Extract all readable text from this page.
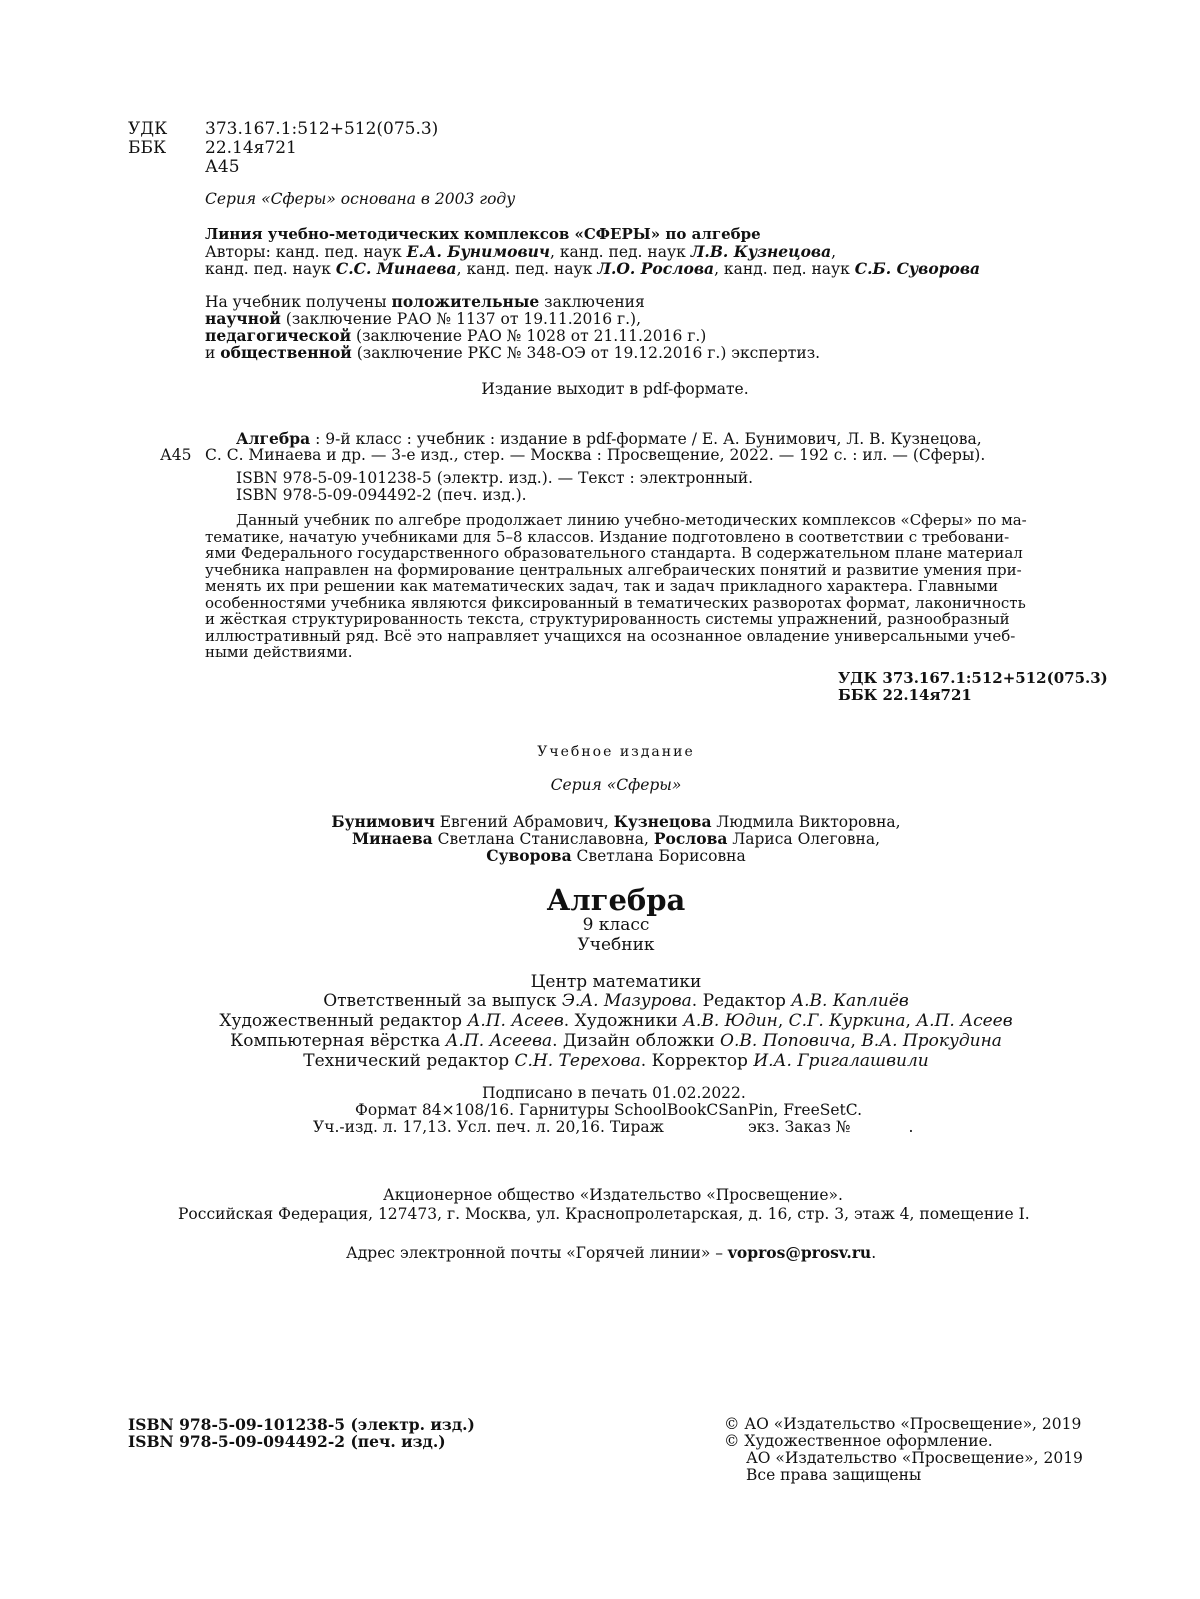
УДК	373.167.1:512+512(075.3)
ББК	22.14я721
А45
Серия «Сферы» основана в 2003 году
Линия учебно-методических комплексов «СФЕРЫ» по алгебре
Авторы: канд. пед. наук Е.А. Бунимович, канд. пед. наук Л.В. Кузнецова,
канд. пед. наук С.С. Минаева, канд. пед. наук Л.О. Рослова, канд. пед. наук С.Б. Суворова
На учебник получены положительные заключения
научной (заключение РАО № 1137 от 19.11.2016 г.),
педагогической (заключение РАО № 1028 от 21.11.2016 г.)
и общественной (заключение РКС № 348-ОЭ от 19.12.2016 г.) экспертиз.
Издание выходит в pdf-формате.
Алгебра : 9-й класс : учебник : издание в pdf-формате / Е. А. Бунимович, Л. В. Кузнецова,
А45 С. С. Минаева и др. — 3-е изд., стер. — Москва : Просвещение, 2022. — 192 с. : ил. — (Сферы).
ISBN 978-5-09-101238-5 (электр. изд.). — Текст : электронный.
ISBN 978-5-09-094492-2 (печ. изд.).

Данный учебник по алгебре продолжает линию учебно-методических комплексов «Сферы» по ма-

тематике, начатую учебниками для 5–8 классов. Издание подготовлено в соответствии с требовани-

ями Федерального государственного образовательного стандарта. В содержательном плане материал

учебника направлен на формирование центральных алгебраических понятий и развитие умения при-

менять их при решении как математических задач, так и задач прикладного характера. Главными

особенностями учебника являются фиксированный в тематических разворотах формат, лаконичность

и жёсткая структурированность текста, структурированность системы упражнений, разнообразный

иллюстративный ряд. Всё это направляет учащихся на осознанное овладение универсальными учеб-

ными действиями.

УДК 373.167.1:512+512(075.3)
ББК 22.14я721
Учебное издание
Серия «Сферы»
Бунимович Евгений Абрамович, Кузнецова Людмила Викторовна,
Минаева Светлана Станиславовна, Рослова Лариса Олеговна,
Суворова Светлана Борисовна
Алгебра
9 класс
Учебник
Центр математики
Ответственный за выпуск Э.А. Мазурова. Редактор А.В. Каплиёв
Художественный редактор А.П. Асеев. Художники А.В. Юдин, С.Г. Куркина, А.П. Асеев
Компьютерная вёрстка А.П. Асеева. Дизайн обложки О.В. Поповича, В.А. Прокудина
Технический редактор С.Н. Терехова. Корректор И.А. Григалашвили
Подписано в печать 01.02.2022.
Формат 84×108/16. Гарнитуры SchoolBookCSanPin, FreeSetC.
Уч.-изд. л. 17,13. Усл. печ. л. 20,16. Тираж	экз. Заказ №	.
Акционерное общество «Издательство «Просвещение».
Российская Федерация, 127473, г. Москва, ул. Краснопролетарская, д. 16, стр. 3, этаж 4, помещение I.
Адрес электронной почты «Горячей линии» – vopros@prosv.ru.
ISBN 978-5-09-101238-5 (электр. изд.)
ISBN 978-5-09-094492-2 (печ. изд.)
© АО «Издательство «Просвещение», 2019
© Художественное оформление.
АО «Издательство «Просвещение», 2019
Все права защищены
